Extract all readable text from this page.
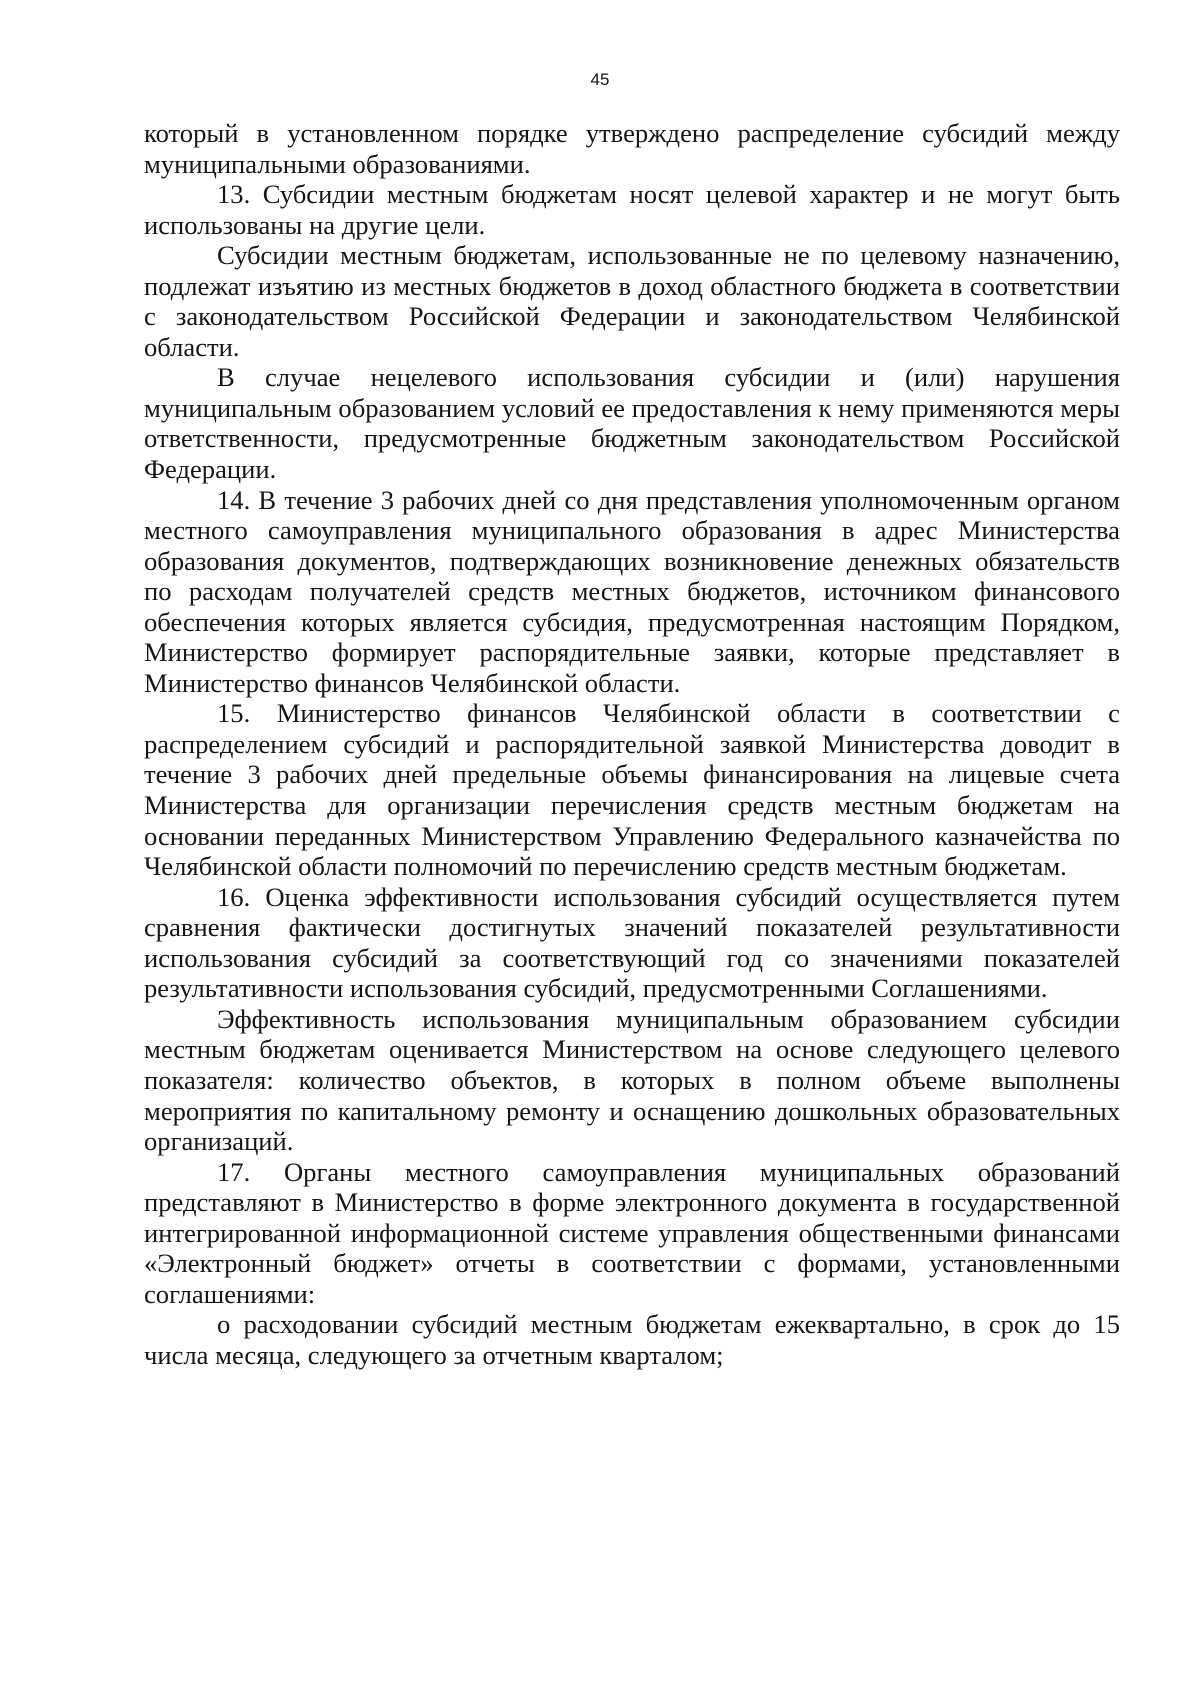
45

который в установленном порядке утверждено распределение субсидий между муниципальными образованиями.

13. Субсидии местным бюджетам носят целевой характер и не могут быть использованы на другие цели.

Субсидии местным бюджетам, использованные не по целевому назначению, подлежат изъятию из местных бюджетов в доход областного бюджета в соответствии с законодательством Российской Федерации и законодательством Челябинской области.

В случае нецелевого использования субсидии и (или) нарушения муниципальным образованием условий ее предоставления к нему применяются меры ответственности, предусмотренные бюджетным законодательством Российской Федерации.

14. В течение 3 рабочих дней со дня представления уполномоченным органом местного самоуправления муниципального образования в адрес Министерства образования документов, подтверждающих возникновение денежных обязательств по расходам получателей средств местных бюджетов, источником финансового обеспечения которых является субсидия, предусмотренная настоящим Порядком, Министерство формирует распорядительные заявки, которые представляет в Министерство финансов Челябинской области.

15. Министерство финансов Челябинской области в соответствии с распределением субсидий и распорядительной заявкой Министерства доводит в течение 3 рабочих дней предельные объемы финансирования на лицевые счета Министерства для организации перечисления средств местным бюджетам на основании переданных Министерством Управлению Федерального казначейства по Челябинской области полномочий по перечислению средств местным бюджетам.

16. Оценка эффективности использования субсидий осуществляется путем сравнения фактически достигнутых значений показателей результативности использования субсидий за соответствующий год со значениями показателей результативности использования субсидий, предусмотренными Соглашениями.

Эффективность использования муниципальным образованием субсидии местным бюджетам оценивается Министерством на основе следующего целевого показателя: количество объектов, в которых в полном объеме выполнены мероприятия по капитальному ремонту и оснащению дошкольных образовательных организаций.

17. Органы местного самоуправления муниципальных образований представляют в Министерство в форме электронного документа в государственной интегрированной информационной системе управления общественными финансами «Электронный бюджет» отчеты в соответствии с формами, установленными соглашениями:

о расходовании субсидий местным бюджетам ежеквартально, в срок до 15 числа месяца, следующего за отчетным кварталом;
